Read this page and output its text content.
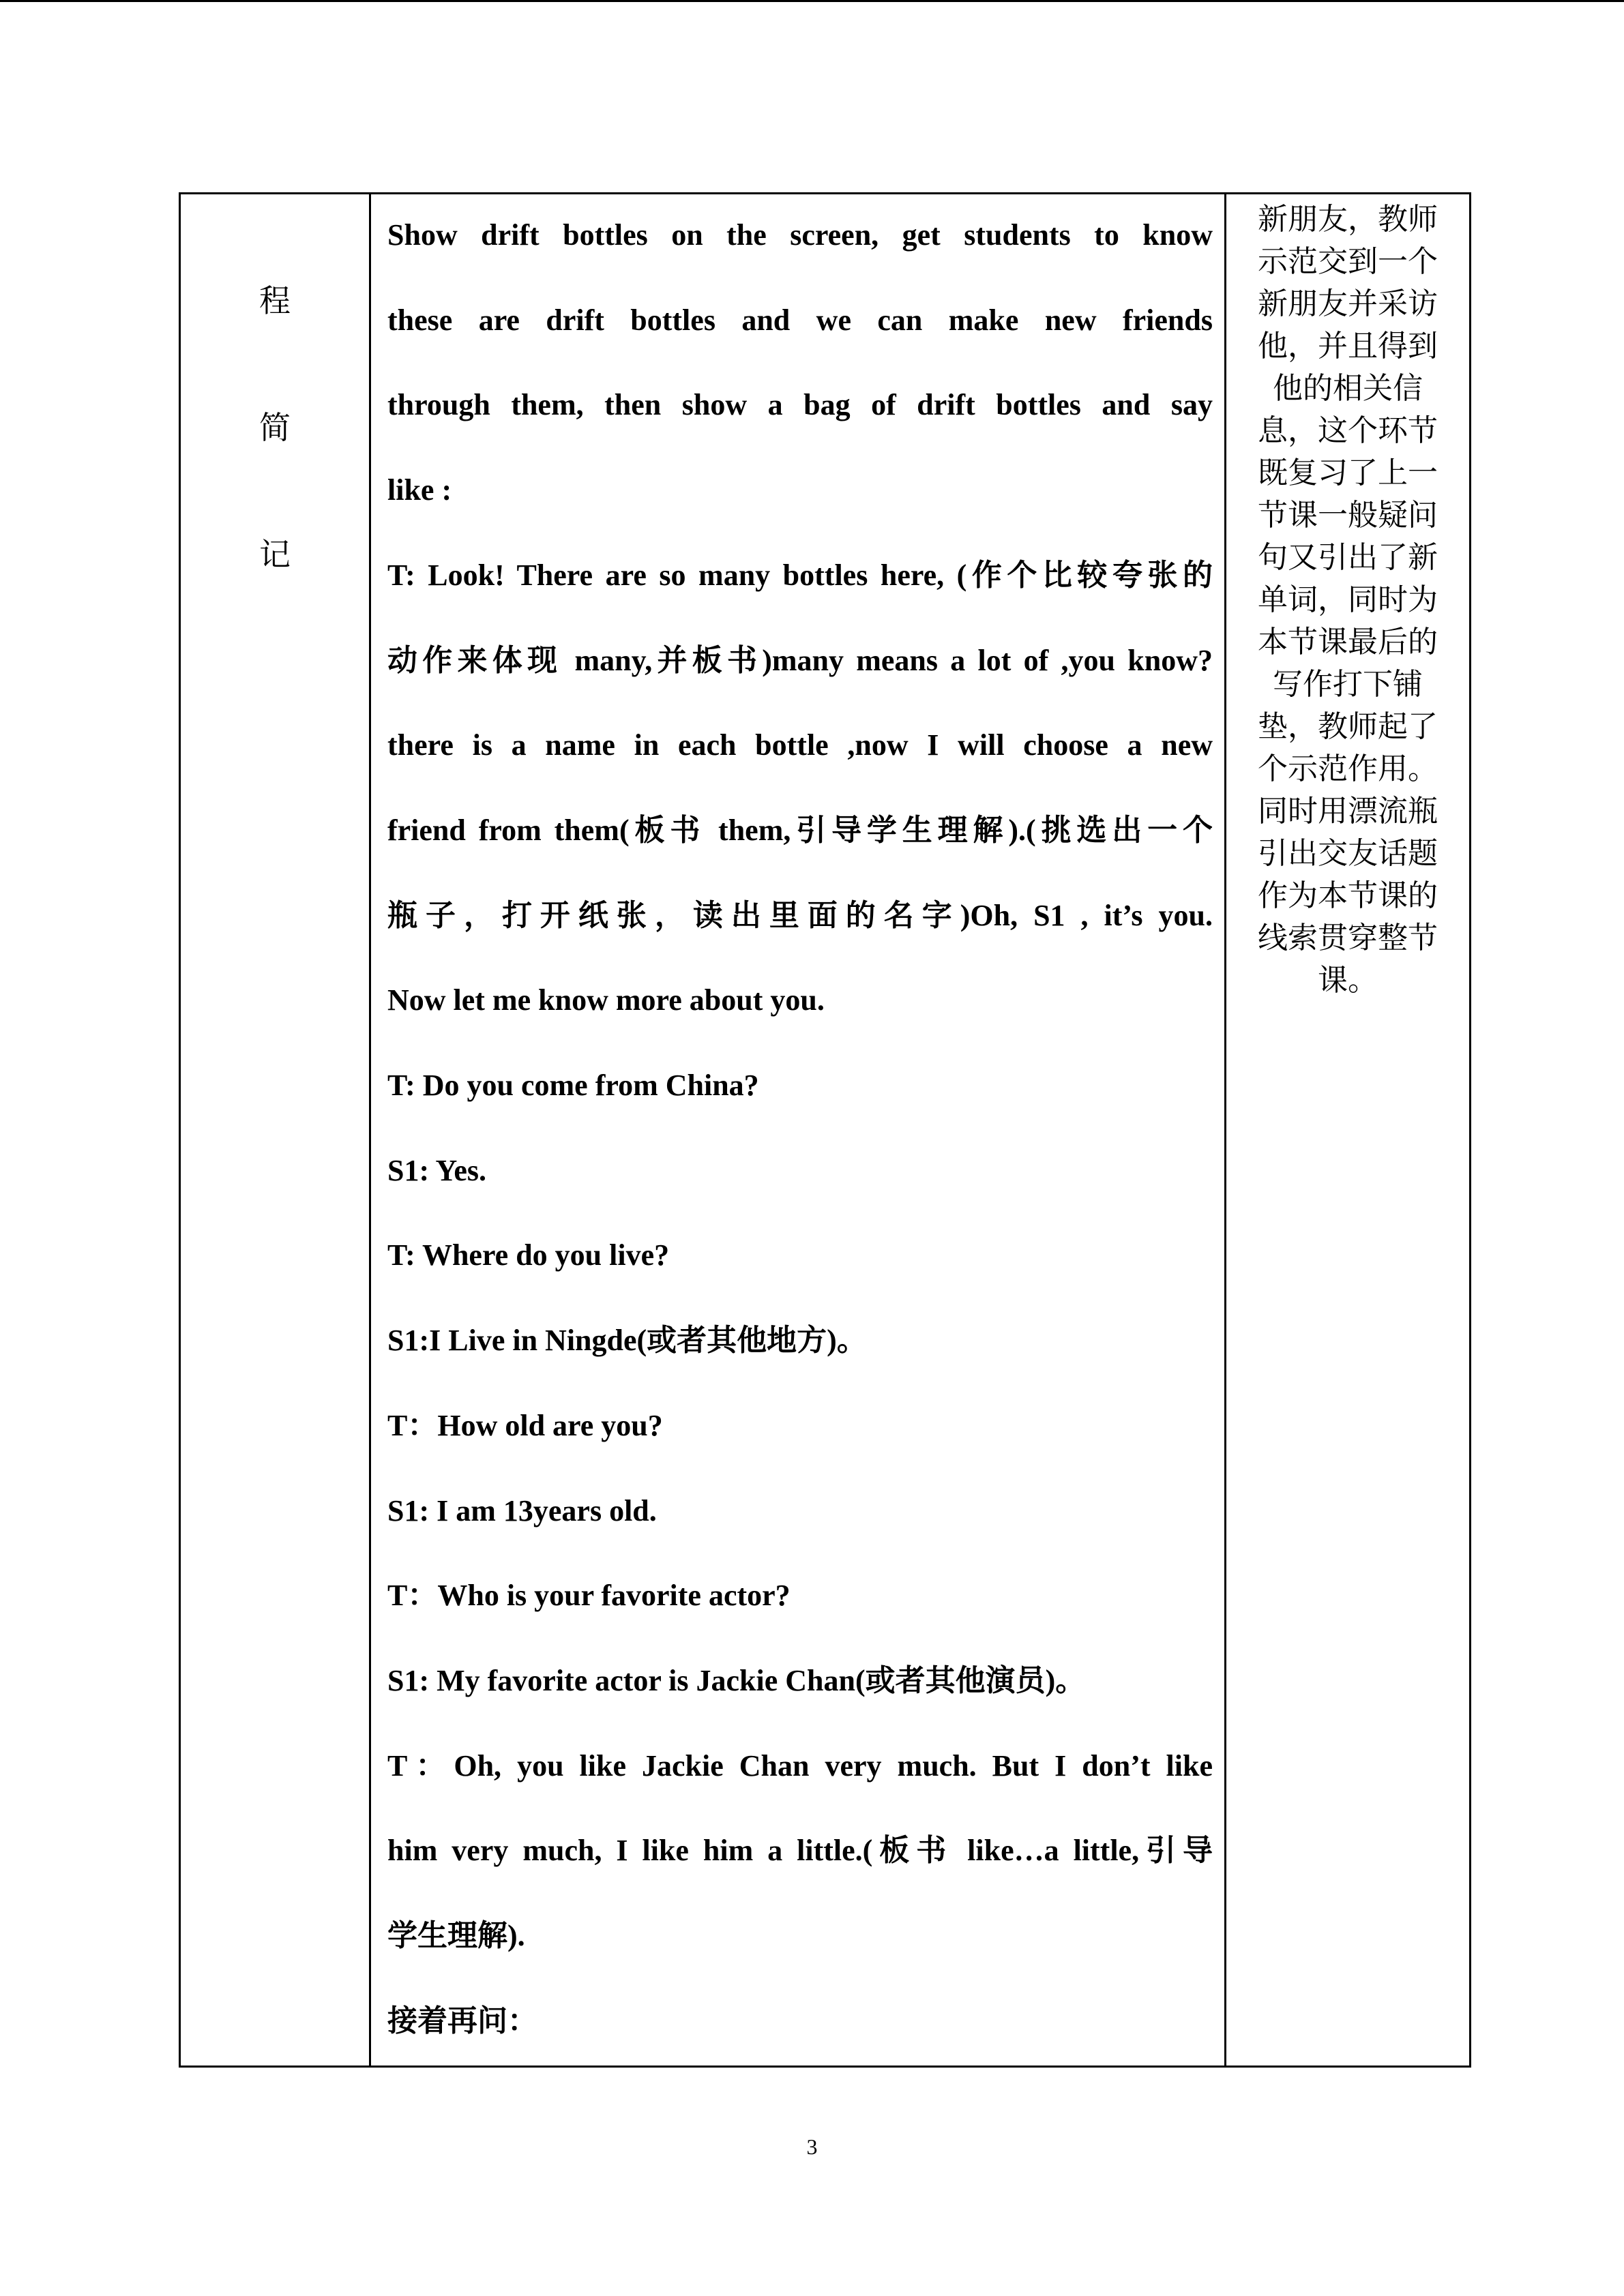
程
简
记
Show drift bottles on the screen, get students to know
these are drift bottles and we can make new friends
through them, then show a bag of drift bottles and say
like :
T: Look! There are so many bottles here, (作个比较夸张的
动作来体现 many,并板书)many means a lot of ,you know?
there is a name in each bottle ,now I will choose a new
friend from them(板书 them,引导学生理解).(挑选出一个
瓶子，打开纸张，读出里面的名字)Oh, S1 , it’s you.
Now let me know more about you.
T: Do you come from China?
S1: Yes.
T: Where do you live?
S1:I Live in Ningde(或者其他地方)。
T：How old are you?
S1: I am 13years old.
T：Who is your favorite actor?
S1: My favorite actor is Jackie Chan(或者其他演员)。
T：Oh, you like Jackie Chan very much. But I don’t like
him very much, I like him a little.(板书 like…a little,引导
学生理解).
接着再问：
新朋友，教师
示范交到一个
新朋友并采访
他，并且得到
他的相关信
息，这个环节
既复习了上一
节课一般疑问
句又引出了新
单词，同时为
本节课最后的
写作打下铺
垫，教师起了
个示范作用。
同时用漂流瓶
引出交友话题
作为本节课的
线索贯穿整节
课。
3
